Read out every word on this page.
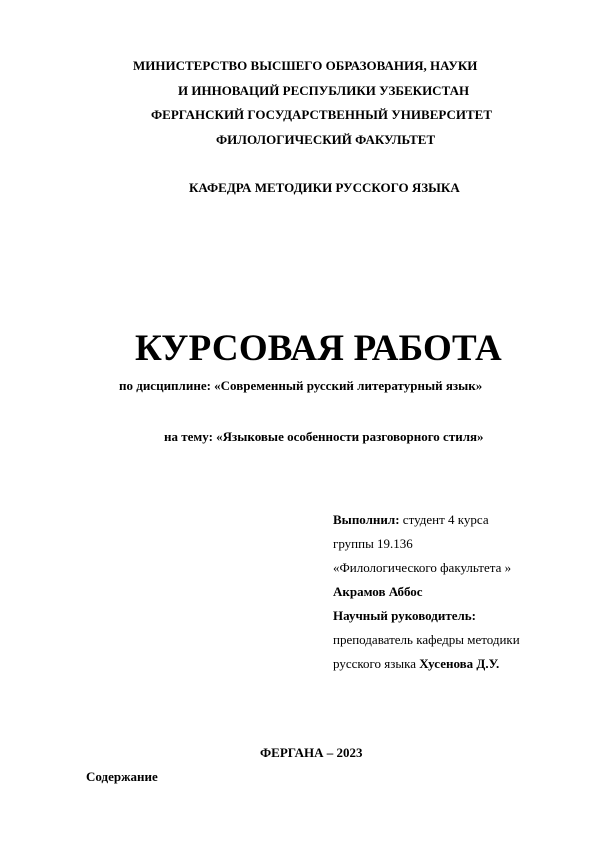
МИНИСТЕРСТВО ВЫСШЕГО ОБРАЗОВАНИЯ, НАУКИ
И ИННОВАЦИЙ РЕСПУБЛИКИ УЗБЕКИСТАН
ФЕРГАНСКИЙ ГОСУДАРСТВЕННЫЙ УНИВЕРСИТЕТ
ФИЛОЛОГИЧЕСКИЙ ФАКУЛЬТЕТ
КАФЕДРА МЕТОДИКИ РУССКОГО ЯЗЫКА
КУРСОВАЯ РАБОТА
по дисциплине: «Современный русский литературный язык»
на тему: «Языковые особенности разговорного стиля»
Выполнил: студент 4 курса
группы 19.136
«Филологического факультета »
Акрамов Аббос
Научный руководитель:
преподаватель кафедры методики
русского языка Хусенова Д.У.
ФЕРГАНА – 2023
Содержание
